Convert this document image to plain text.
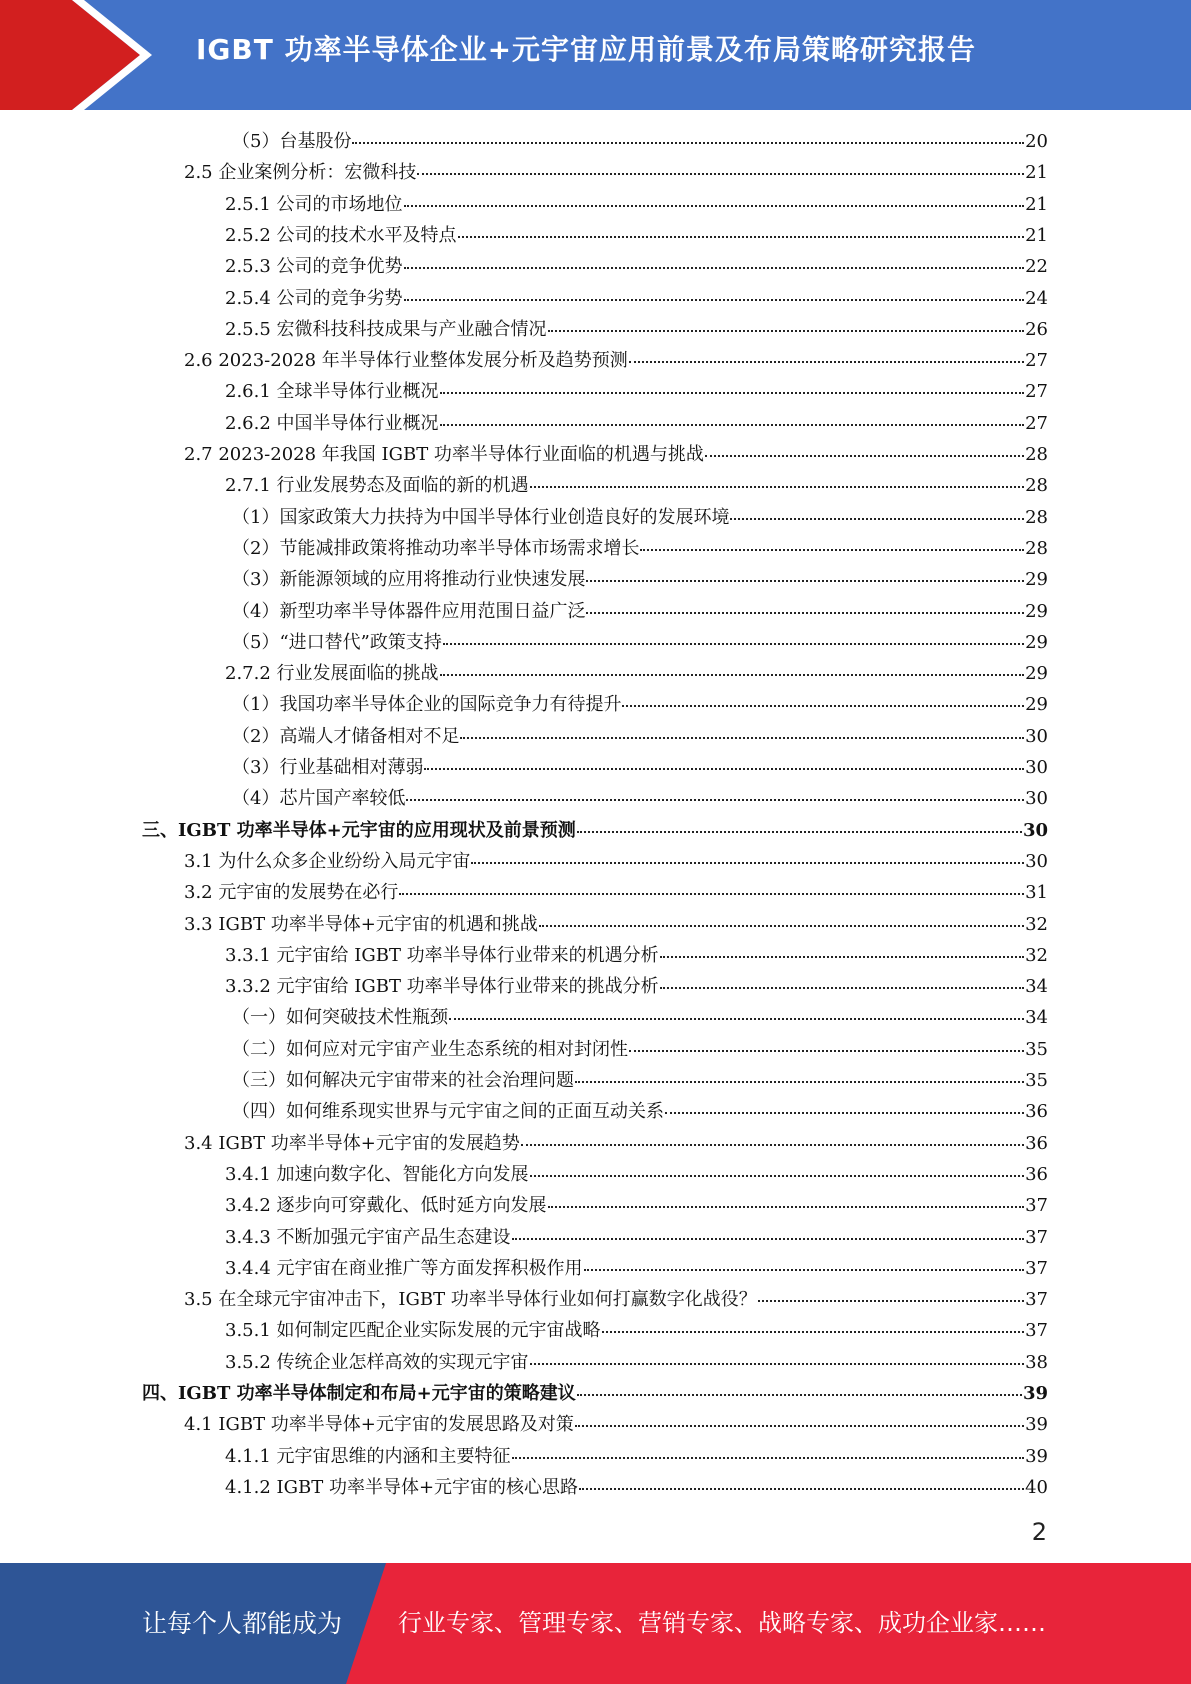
IGBT 功率半导体企业+元宇宙应用前景及布局策略研究报告
（5）台基股份	20
2.5 企业案例分析：宏微科技	21
2.5.1 公司的市场地位	21
2.5.2 公司的技术水平及特点	21
2.5.3 公司的竞争优势	22
2.5.4 公司的竞争劣势	24
2.5.5 宏微科技科技成果与产业融合情况	26
2.6 2023-2028 年半导体行业整体发展分析及趋势预测	27
2.6.1 全球半导体行业概况	27
2.6.2 中国半导体行业概况	27
2.7 2023-2028 年我国 IGBT 功率半导体行业面临的机遇与挑战	28
2.7.1 行业发展势态及面临的新的机遇	28
（1）国家政策大力扶持为中国半导体行业创造良好的发展环境	28
（2）节能减排政策将推动功率半导体市场需求增长	28
（3）新能源领域的应用将推动行业快速发展	29
（4）新型功率半导体器件应用范围日益广泛	29
（5）“进口替代”政策支持	29
2.7.2 行业发展面临的挑战	29
（1）我国功率半导体企业的国际竞争力有待提升	29
（2）高端人才储备相对不足	30
（3）行业基础相对薄弱	30
（4）芯片国产率较低	30
三、IGBT 功率半导体+元宇宙的应用现状及前景预测	30
3.1 为什么众多企业纷纷入局元宇宙	30
3.2 元宇宙的发展势在必行	31
3.3 IGBT 功率半导体+元宇宙的机遇和挑战	32
3.3.1 元宇宙给 IGBT 功率半导体行业带来的机遇分析	32
3.3.2 元宇宙给 IGBT 功率半导体行业带来的挑战分析	34
（一）如何突破技术性瓶颈	34
（二）如何应对元宇宙产业生态系统的相对封闭性	35
（三）如何解决元宇宙带来的社会治理问题	35
（四）如何维系现实世界与元宇宙之间的正面互动关系	36
3.4 IGBT 功率半导体+元宇宙的发展趋势	36
3.4.1 加速向数字化、智能化方向发展	36
3.4.2 逐步向可穿戴化、低时延方向发展	37
3.4.3 不断加强元宇宙产品生态建设	37
3.4.4 元宇宙在商业推广等方面发挥积极作用	37
3.5 在全球元宇宙冲击下，IGBT 功率半导体行业如何打赢数字化战役？	37
3.5.1 如何制定匹配企业实际发展的元宇宙战略	37
3.5.2 传统企业怎样高效的实现元宇宙	38
四、IGBT 功率半导体制定和布局+元宇宙的策略建议	39
4.1 IGBT 功率半导体+元宇宙的发展思路及对策	39
4.1.1 元宇宙思维的内涵和主要特征	39
4.1.2 IGBT 功率半导体+元宇宙的核心思路	40
2
让每个人都能成为 行业专家、管理专家、营销专家、战略专家、成功企业家……
